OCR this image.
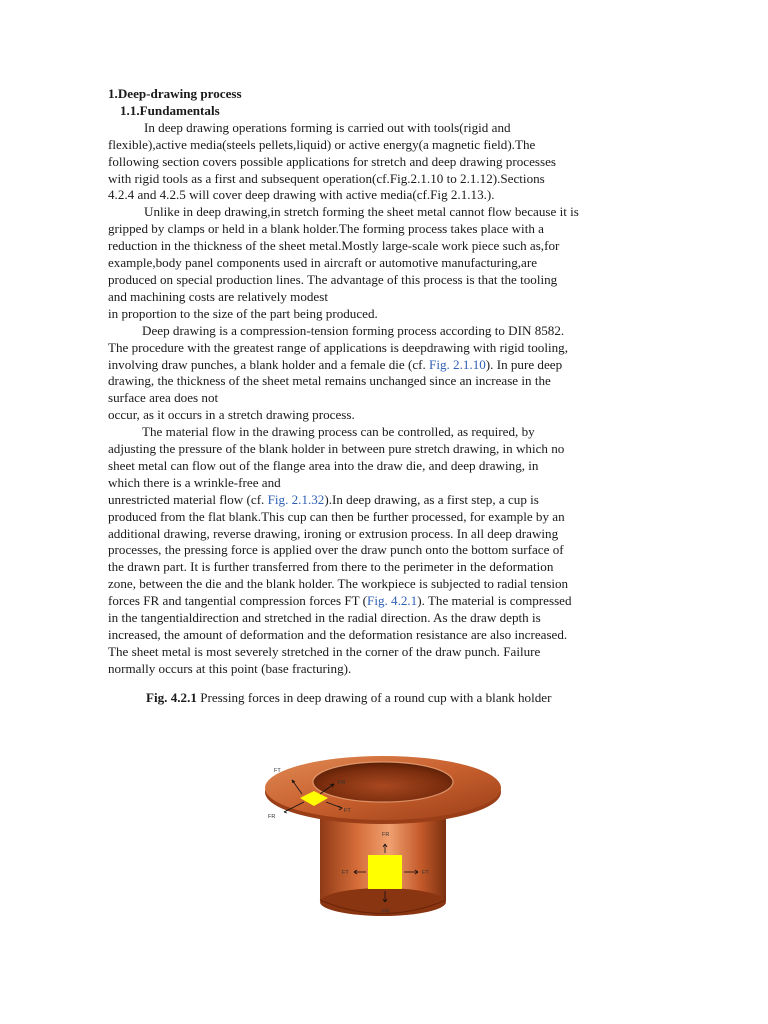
1.Deep-drawing process
1.1.Fundamentals
In deep drawing operations forming is carried out with tools(rigid and
flexible),active media(steels pellets,liquid) or active energy(a magnetic field).The
following section covers possible applications for stretch and deep drawing processes
with rigid tools as a first and subsequent operation(cf.Fig.2.1.10 to 2.1.12).Sections
4.2.4 and 4.2.5 will cover deep drawing with active media(cf.Fig 2.1.13.).
Unlike in deep drawing,in stretch forming the sheet metal cannot flow because it is
gripped by clamps or held in a blank holder.The forming process takes place with a
reduction in the thickness of the sheet metal.Mostly large-scale work piece such as,for
example,body panel components used in aircraft or automotive manufacturing,are
produced on special production lines. The advantage of this process is that the tooling
and machining costs are relatively modest
in proportion to the size of the part being produced.
Deep drawing is a compression-tension forming process according to DIN 8582.
The procedure with the greatest range of applications is deepdrawing with rigid tooling,
involving draw punches, a blank holder and a female die (cf. Fig. 2.1.10). In pure deep
drawing, the thickness of the sheet metal remains unchanged since an increase in the
surface area does not
occur, as it occurs in a stretch drawing process.
The material flow in the drawing process can be controlled, as required, by
adjusting the pressure of the blank holder in between pure stretch drawing, in which no
sheet metal can flow out of the flange area into the draw die, and deep drawing, in
which there is a wrinkle-free and
unrestricted material flow (cf. Fig. 2.1.32).In deep drawing, as a first step, a cup is
produced from the flat blank.This cup can then be further processed, for example by an
additional drawing, reverse drawing, ironing or extrusion process. In all deep drawing
processes, the pressing force is applied over the draw punch onto the bottom surface of
the drawn part. It is further transferred from there to the perimeter in the deformation
zone, between the die and the blank holder. The workpiece is subjected to radial tension
forces FR and tangential compression forces FT (Fig. 4.2.1). The material is compressed
in the tangentialdirection and stretched in the radial direction. As the draw depth is
increased, the amount of deformation and the deformation resistance are also increased.
The sheet metal is most severely stretched in the corner of the draw punch. Failure
normally occurs at this point (base fracturing).
Fig. 4.2.1 Pressing forces in deep drawing of a round cup with a blank holder
FT
FR
FT
FR
FR
FT	FT
FR
